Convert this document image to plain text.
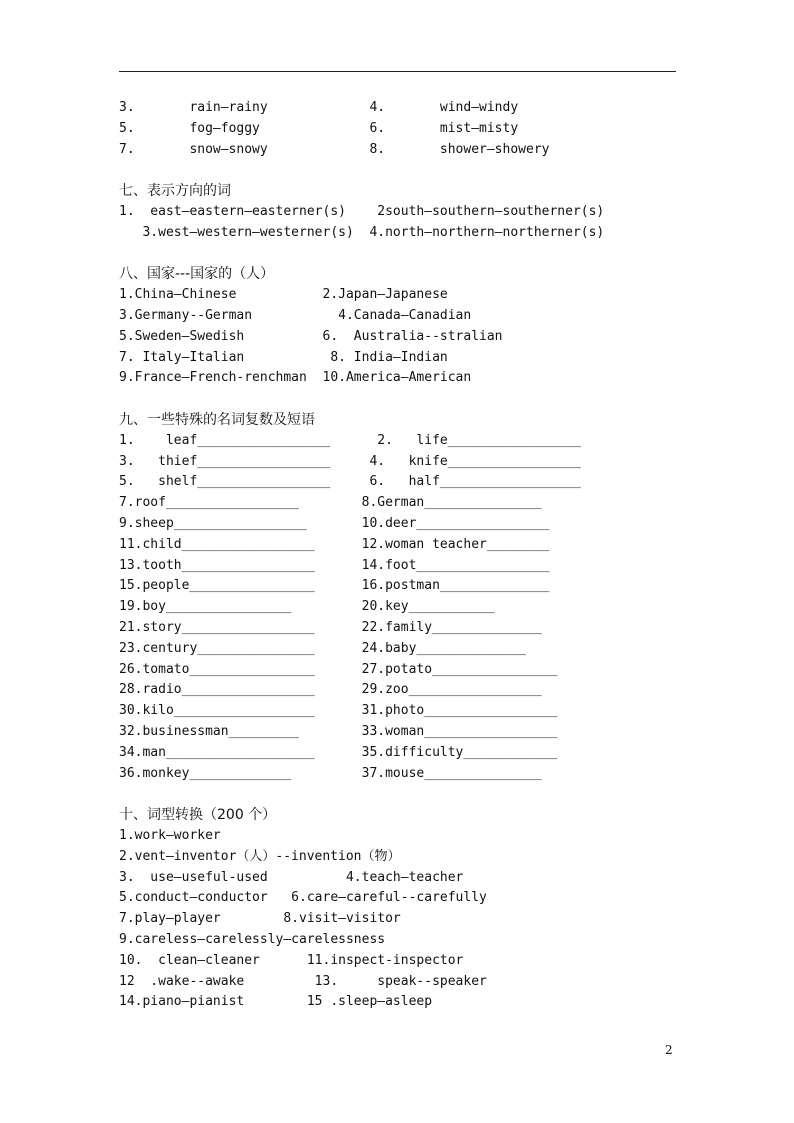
3.       rain—rainy             4.       wind—windy
5.       fog—foggy              6.       mist—misty
7.       snow—snowy             8.       shower—showery
七、表示方向的词
1.  east—eastern—easterner(s)    2south—southern—southerner(s)
3.west—western—westerner(s)  4.north—northern—northerner(s)
八、国家---国家的（人）
1.China—Chinese           2.Japan—Japanese
3.Germany--German           4.Canada—Canadian
5.Sweden—Swedish          6.  Australia--stralian
7. Italy—Italian           8. India—Indian
9.France—French-renchman  10.America—American
九、一些特殊的名词复数及短语
1.    leaf_________________      2.   life_________________
3.   thief_________________     4.   knife_________________
5.   shelf_________________     6.   half__________________
7.roof_________________        8.German_______________
9.sheep_________________       10.deer_________________
11.child_________________      12.woman teacher________
13.tooth_________________      14.foot_________________
15.people________________      16.postman______________
19.boy________________         20.key___________
21.story_________________      22.family______________
23.century_______________      24.baby______________
26.tomato________________      27.potato________________
28.radio_________________      29.zoo_________________
30.kilo__________________      31.photo_________________
32.businessman_________        33.woman_________________
34.man___________________      35.difficulty____________
36.monkey_____________         37.mouse_______________
十、词型转换（200 个）
1.work—worker
2.vent—inventor（人）--invention（物）
3.  use—useful-used          4.teach—teacher
5.conduct—conductor   6.care—careful--carefully
7.play—player        8.visit—visitor
9.careless—carelessly—carelessness
10.  clean—cleaner      11.inspect-inspector
12  .wake--awake         13.     speak--speaker
14.piano—pianist        15 .sleep—asleep
2
